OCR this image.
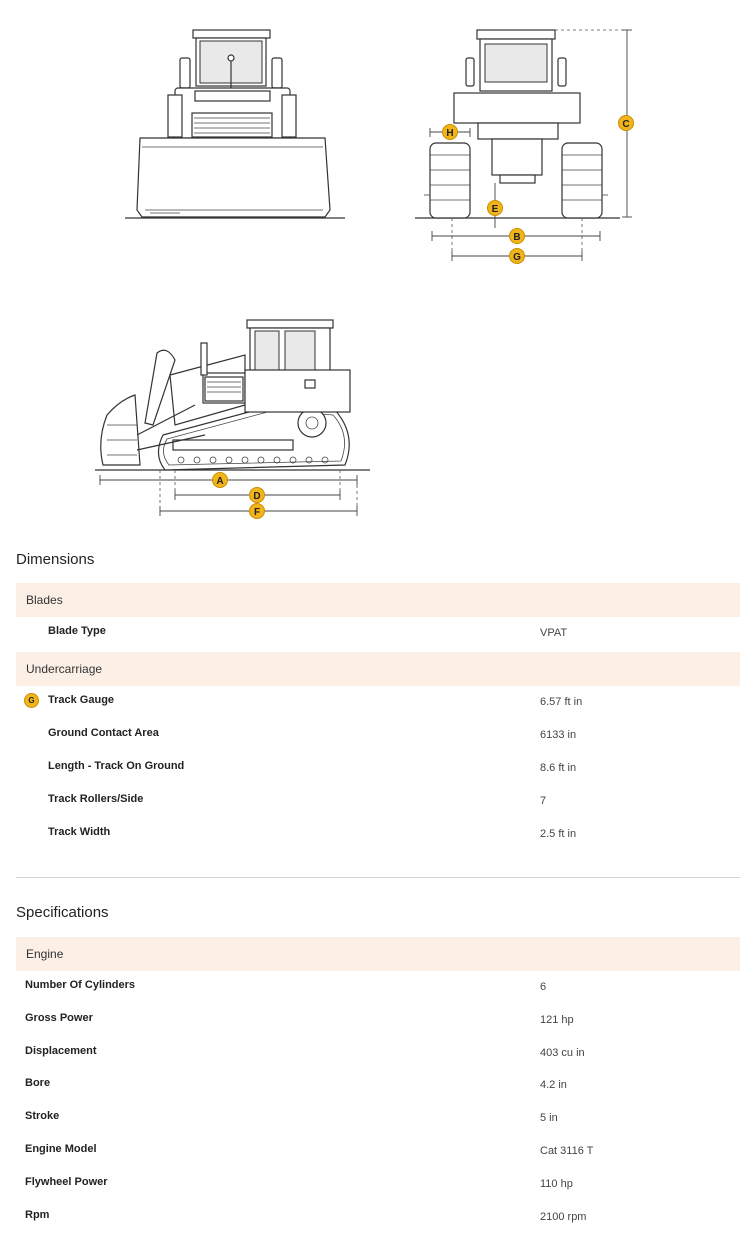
C
H
E
B
G
A
D
F
Dimensions
Blades
Blade Type	VPAT
Undercarriage
G	Track Gauge	6.57 ft in
Ground Contact Area	6133 in
Length - Track On Ground	8.6 ft in
Track Rollers/Side	7
Track Width	2.5 ft in
Specifications
Engine
Number Of Cylinders	6
Gross Power	121 hp
Displacement	403 cu in
Bore	4.2 in
Stroke	5 in
Engine Model	Cat 3116 T
Flywheel Power	110 hp
Rpm	2100 rpm
